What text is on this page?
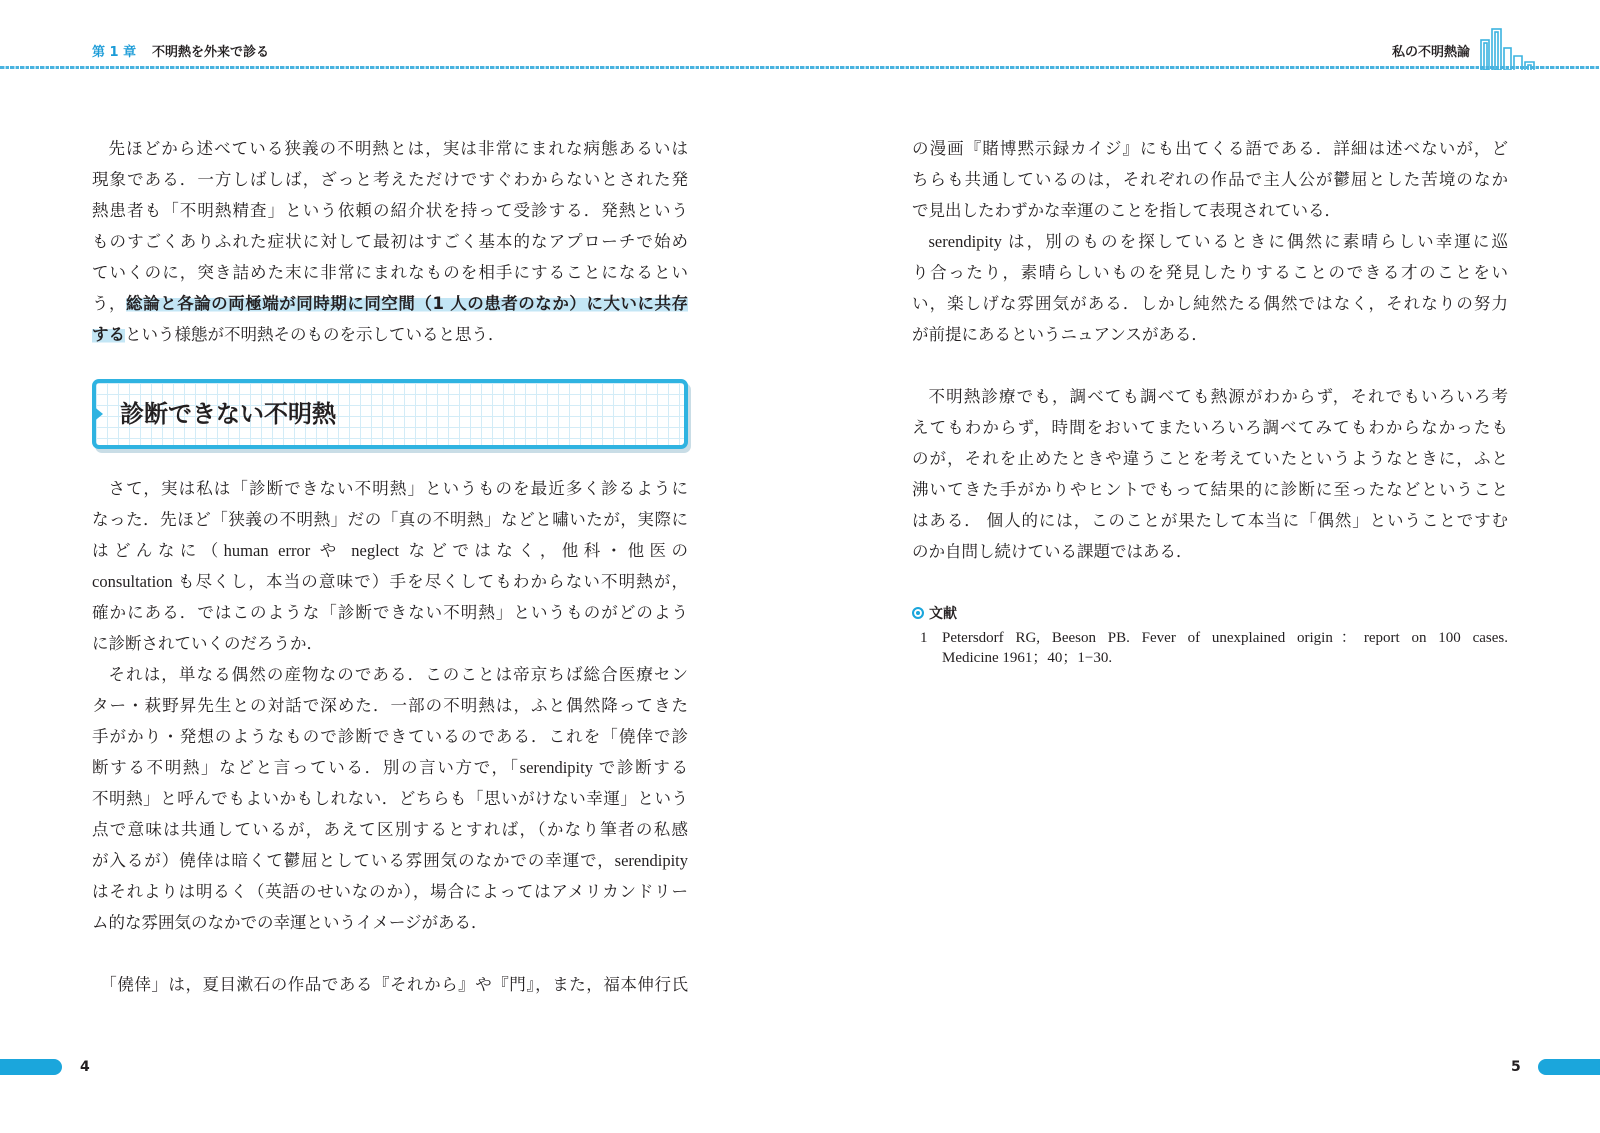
第 1 章 不明熱を外来で診る	私の不明熱論
先ほどから述べている狭義の不明熱とは，実は非常にまれな病態あるいは
現象である．一方しばしば，ざっと考えただけですぐわからないとされた発
熱患者も「不明熱精査」という依頼の紹介状を持って受診する．発熱という
ものすごくありふれた症状に対して最初はすごく基本的なアプローチで始め
ていくのに，突き詰めた末に非常にまれなものを相手にすることになるとい
う，総論と各論の両極端が同時期に同空間（1 人の患者のなか）に大いに共存
するという様態が不明熱そのものを示していると思う．
診断できない不明熱
さて，実は私は「診断できない不明熱」というものを最近多く診るように
なった．先ほど「狭義の不明熱」だの「真の不明熱」などと嘯いたが，実際に
はどんなに（human error や neglect などではなく，他科・他医の
consultation も尽くし，本当の意味で）手を尽くしてもわからない不明熱が，
確かにある．ではこのような「診断できない不明熱」というものがどのよう
に診断されていくのだろうか．
それは，単なる偶然の産物なのである．このことは帝京ちば総合医療セン
ター・萩野昇先生との対話で深めた．一部の不明熱は，ふと偶然降ってきた
手がかり・発想のようなもので診断できているのである．これを「僥倖で診
断する不明熱」などと言っている．別の言い方で，「serendipity で診断する
不明熱」と呼んでもよいかもしれない．どちらも「思いがけない幸運」という
点で意味は共通しているが，あえて区別するとすれば，（かなり筆者の私感
が入るが）僥倖は暗くて鬱屈としている雰囲気のなかでの幸運で，serendipity
はそれよりは明るく（英語のせいなのか），場合によってはアメリカンドリー
ム的な雰囲気のなかでの幸運というイメージがある．
「僥倖」は，夏目漱石の作品である『それから』や『門』，また，福本伸行氏
の漫画『賭博黙示録カイジ』にも出てくる語である．詳細は述べないが，ど
ちらも共通しているのは，それぞれの作品で主人公が鬱屈とした苦境のなか
で見出したわずかな幸運のことを指して表現されている．
serendipity は，別のものを探しているときに偶然に素晴らしい幸運に巡
り合ったり，素晴らしいものを発見したりすることのできる才のことをい
い，楽しげな雰囲気がある．しかし純然たる偶然ではなく，それなりの努力
が前提にあるというニュアンスがある．
不明熱診療でも，調べても調べても熱源がわからず，それでもいろいろ考
えてもわからず，時間をおいてまたいろいろ調べてみてもわからなかったも
のが，それを止めたときや違うことを考えていたというようなときに，ふと
沸いてきた手がかりやヒントでもって結果的に診断に至ったなどということ
はある． 個人的には，このことが果たして本当に「偶然」ということですむ
のか自問し続けている課題ではある．
文献
1 Petersdorf RG, Beeson PB. Fever of unexplained origin：report on 100 cases.
Medicine 1961；40；1−30.
4	5
